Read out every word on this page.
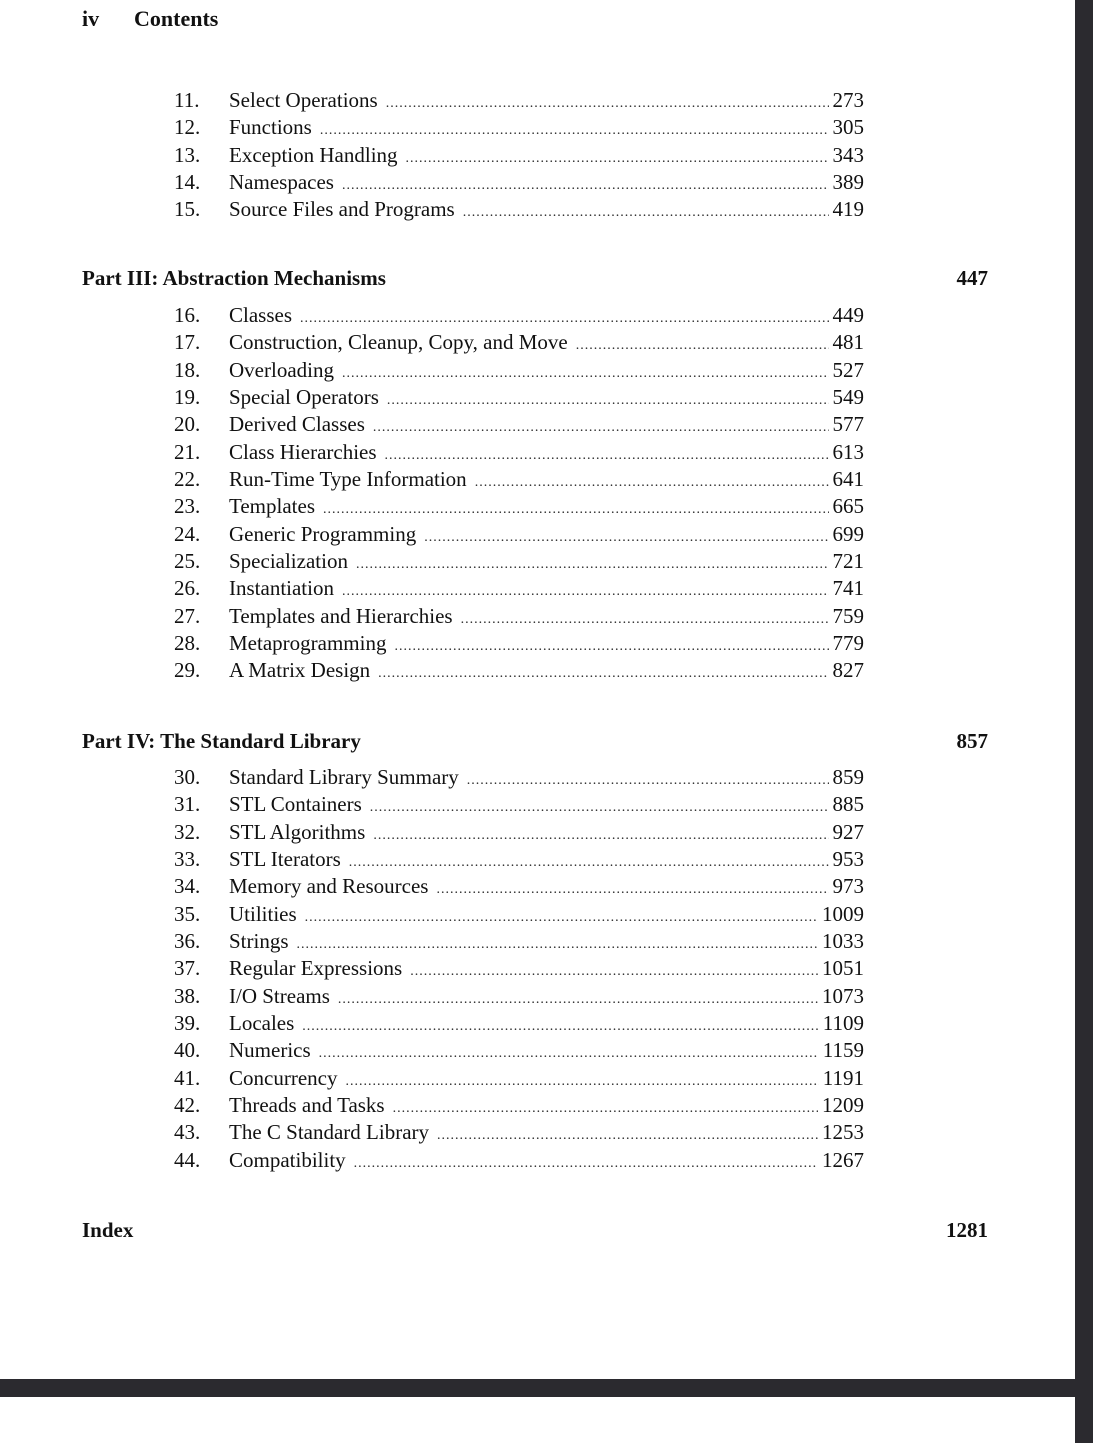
iv Contents
11.	Select Operations .....	273
12.	Functions .....	305
13.	Exception Handling .....	343
14.	Namespaces .....	389
15.	Source Files and Programs .....	419
Part III: Abstraction Mechanisms	447
16.	Classes .....	449
17.	Construction, Cleanup, Copy, and Move .....	481
18.	Overloading .....	527
19.	Special Operators .....	549
20.	Derived Classes .....	577
21.	Class Hierarchies .....	613
22.	Run-Time Type Information .....	641
23.	Templates .....	665
24.	Generic Programming .....	699
25.	Specialization .....	721
26.	Instantiation .....	741
27.	Templates and Hierarchies .....	759
28.	Metaprogramming .....	779
29.	A Matrix Design .....	827
Part IV: The Standard Library	857
30.	Standard Library Summary .....	859
31.	STL Containers .....	885
32.	STL Algorithms .....	927
33.	STL Iterators .....	953
34.	Memory and Resources .....	973
35.	Utilities .....	1009
36.	Strings .....	1033
37.	Regular Expressions .....	1051
38.	I/O Streams .....	1073
39.	Locales .....	1109
40.	Numerics .....	1159
41.	Concurrency .....	1191
42.	Threads and Tasks .....	1209
43.	The C Standard Library .....	1253
44.	Compatibility .....	1267
Index	1281
